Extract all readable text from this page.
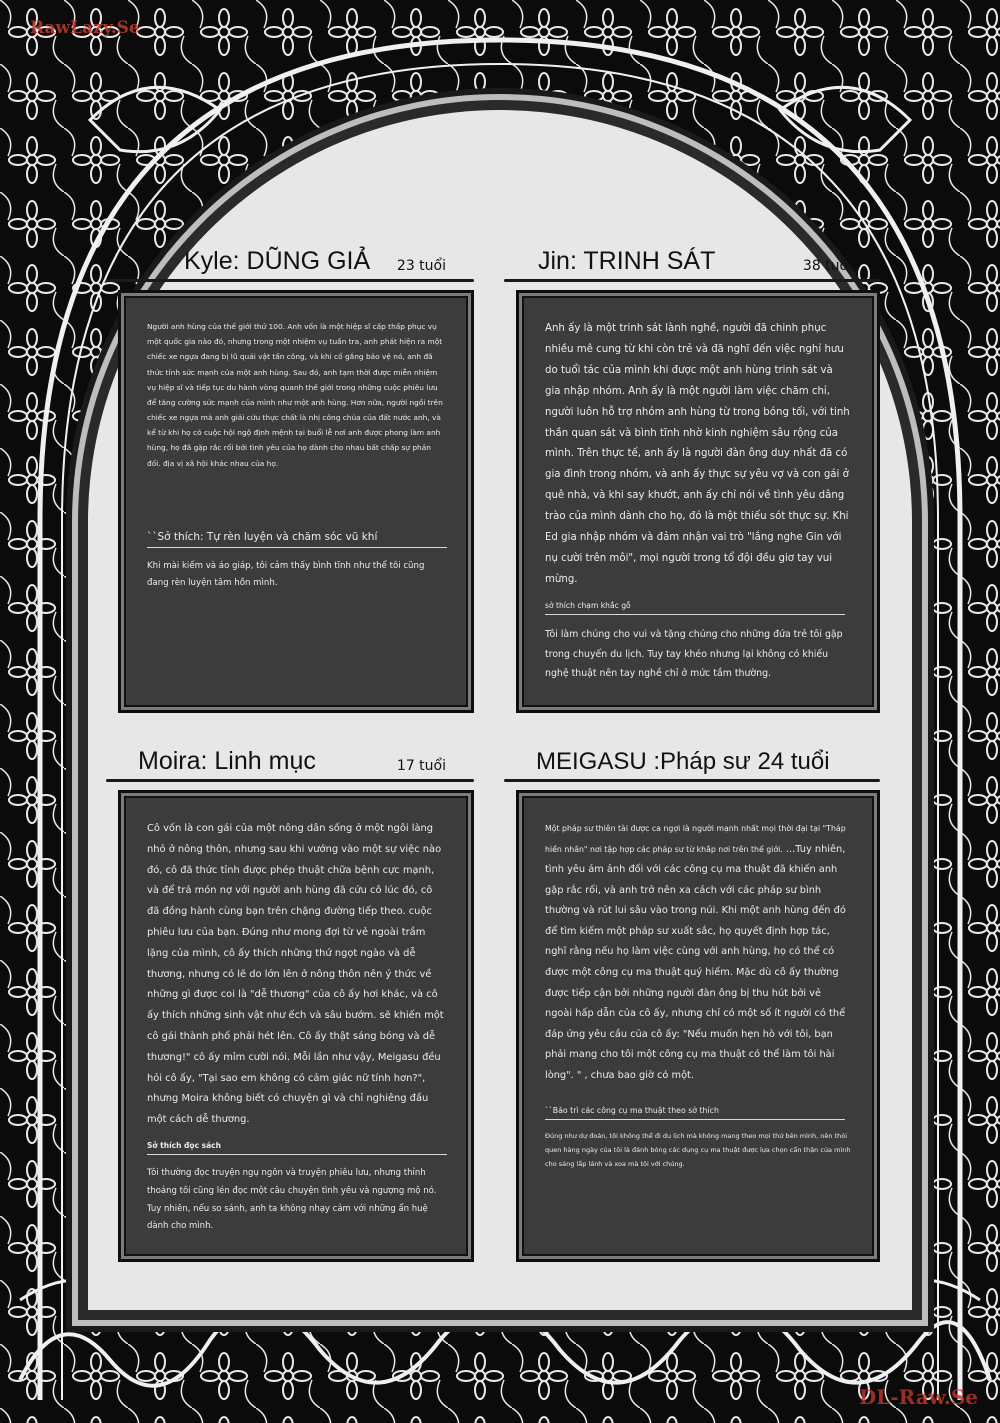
RawLazy.Se
DL-Raw.Se
Kyle: DŨNG GIẢ 23 tuổi

Người anh hùng của thế giới thứ 100. Anh vốn là một hiệp sĩ cấp thấp phục vụ một quốc gia nào đó, nhưng trong một nhiệm vụ tuần tra, anh phát hiện ra một chiếc xe ngựa đang bị lũ quái vật tấn công, và khi cố gắng bảo vệ nó, anh đã thức tỉnh sức mạnh của một anh hùng. Sau đó, anh tạm thời được miễn nhiệm vụ hiệp sĩ và tiếp tục du hành vòng quanh thế giới trong những cuộc phiêu lưu để tăng cường sức mạnh của mình như một anh hùng. Hơn nữa, người ngồi trên chiếc xe ngựa mà anh giải cứu thực chất là nhị công chúa của đất nước anh, và kể từ khi họ có cuộc hội ngộ định mệnh tại buổi lễ nơi anh được phong làm anh hùng, họ đã gặp rắc rối bởi tình yêu của họ dành cho nhau bất chấp sự phản đối. địa vị xã hội khác nhau của họ.

``Sở thích: Tự rèn luyện và chăm sóc vũ khí
Khi mài kiếm và áo giáp, tôi cảm thấy bình tĩnh như thể tôi cũng đang rèn luyện tâm hồn mình.
Jin: TRINH SÁT	38 tuổi

Anh ấy là một trinh sát lành nghề, người đã chinh phục nhiều mê cung từ khi còn trẻ và đã nghĩ đến việc nghỉ hưu do tuổi tác của mình khi được một anh hùng trinh sát và gia nhập nhóm. Anh ấy là một người làm việc chăm chỉ, người luôn hỗ trợ nhóm anh hùng từ trong bóng tối, với tinh thần quan sát và bình tĩnh nhờ kinh nghiệm sâu rộng của mình. Trên thực tế, anh ấy là người đàn ông duy nhất đã có gia đình trong nhóm, và anh ấy thực sự yêu vợ và con gái ở quê nhà, và khi say khướt, anh ấy chỉ nói về tình yêu dâng trào của mình dành cho họ, đó là một thiếu sót thực sự. Khi Ed gia nhập nhóm và đảm nhận vai trò "lắng nghe Gin với nụ cười trên môi", mọi người trong tổ đội đều giơ tay vui mừng.

sở thích chạm khắc gỗ
Tôi làm chúng cho vui và tặng chúng cho những đứa trẻ tôi gặp trong chuyến du lịch. Tuy tay khéo nhưng lại không có khiếu nghệ thuật nên tay nghề chỉ ở mức tầm thường.
Moira: Linh mục	17 tuổi

Cô vốn là con gái của một nông dân sống ở một ngôi làng nhỏ ở nông thôn, nhưng sau khi vướng vào một sự việc nào đó, cô đã thức tỉnh được phép thuật chữa bệnh cực mạnh, và để trả món nợ với người anh hùng đã cứu cô lúc đó, cô đã đồng hành cùng bạn trên chặng đường tiếp theo. cuộc phiêu lưu của bạn. Đúng như mong đợi từ vẻ ngoài trầm lặng của mình, cô ấy thích những thứ ngọt ngào và dễ thương, nhưng có lẽ do lớn lên ở nông thôn nên ý thức về những gì được coi là "dễ thương" của cô ấy hơi khác, và cô ấy thích những sinh vật như ếch và sâu bướm. sẽ khiến một cô gái thành phố phải hét lên. Cô ấy thật sáng bóng và dễ thương!" cô ấy mỉm cười nói. Mỗi lần như vậy, Meigasu đều hỏi cô ấy, "Tại sao em không có cảm giác nữ tính hơn?", nhưng Moira không biết có chuyện gì và chỉ nghiêng đầu một cách dễ thương.

Sở thích đọc sách
Tôi thường đọc truyện ngụ ngôn và truyện phiêu lưu, nhưng thỉnh thoảng tôi cũng lén đọc một câu chuyện tình yêu và ngượng mộ nó. Tuy nhiên, nếu so sánh, anh ta không nhạy cảm với những ẩn huệ dành cho mình.
MEIGASU :Pháp sư 24 tuổi

Một pháp sư thiên tài được ca ngợi là người mạnh nhất mọi thời đại tại "Tháp hiền nhân" nơi tập hợp các pháp sư từ khắp nơi trên thế giới. ...Tuy nhiên, tình yêu ám ảnh đối với các công cụ ma thuật đã khiến anh gặp rắc rối, và anh trở nên xa cách với các pháp sư bình thường và rút lui sâu vào trong núi. Khi một anh hùng đến đó để tìm kiếm một pháp sư xuất sắc, họ quyết định hợp tác, nghĩ rằng nếu họ làm việc cùng với anh hùng, họ có thể có được một công cụ ma thuật quý hiếm. Mặc dù cô ấy thường được tiếp cận bởi những người đàn ông bị thu hút bởi vẻ ngoài hấp dẫn của cô ấy, nhưng chỉ có một số ít người có thể đáp ứng yêu cầu của cô ấy: "Nếu muốn hẹn hò với tôi, bạn phải mang cho tôi một công cụ ma thuật có thể làm tôi hài lòng". " , chưa bao giờ có một.

``Bảo trì các công cụ ma thuật theo sở thích
Đúng như dự đoán, tôi không thể đi du lịch mà không mang theo mọi thứ bên mình, nên thói quen hàng ngày của tôi là đánh bóng các dụng cụ ma thuật được lựa chọn cẩn thận của mình cho sáng lấp lánh và xoa mà tôi với chúng.
